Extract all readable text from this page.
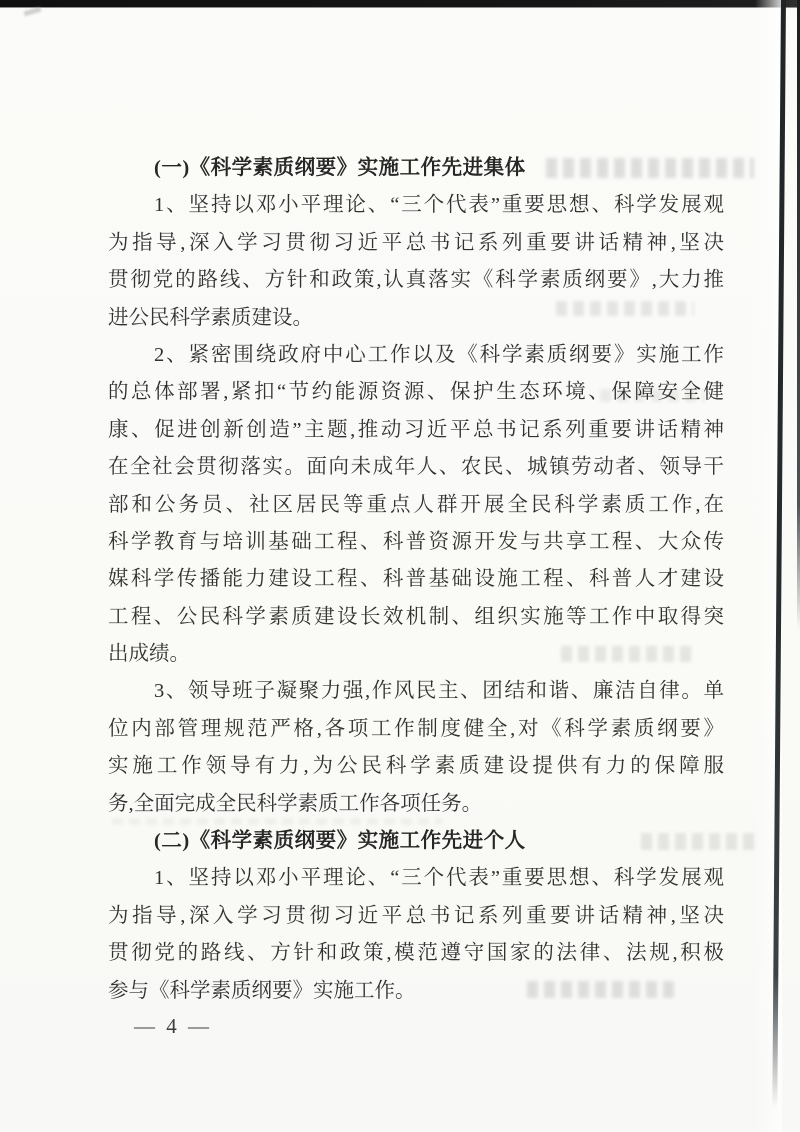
(一)《科学素质纲要》实施工作先进集体
1、坚持以邓小平理论、“三个代表”重要思想、科学发展观
为指导,深入学习贯彻习近平总书记系列重要讲话精神,坚决
贯彻党的路线、方针和政策,认真落实《科学素质纲要》,大力推
进公民科学素质建设。
2、紧密围绕政府中心工作以及《科学素质纲要》实施工作
的总体部署,紧扣“节约能源资源、保护生态环境、保障安全健
康、促进创新创造”主题,推动习近平总书记系列重要讲话精神
在全社会贯彻落实。面向未成年人、农民、城镇劳动者、领导干
部和公务员、社区居民等重点人群开展全民科学素质工作,在
科学教育与培训基础工程、科普资源开发与共享工程、大众传
媒科学传播能力建设工程、科普基础设施工程、科普人才建设
工程、公民科学素质建设长效机制、组织实施等工作中取得突
出成绩。
3、领导班子凝聚力强,作风民主、团结和谐、廉洁自律。单
位内部管理规范严格,各项工作制度健全,对《科学素质纲要》
实施工作领导有力,为公民科学素质建设提供有力的保障服
务,全面完成全民科学素质工作各项任务。
(二)《科学素质纲要》实施工作先进个人
1、坚持以邓小平理论、“三个代表”重要思想、科学发展观
为指导,深入学习贯彻习近平总书记系列重要讲话精神,坚决
贯彻党的路线、方针和政策,模范遵守国家的法律、法规,积极
参与《科学素质纲要》实施工作。
— 4 —
